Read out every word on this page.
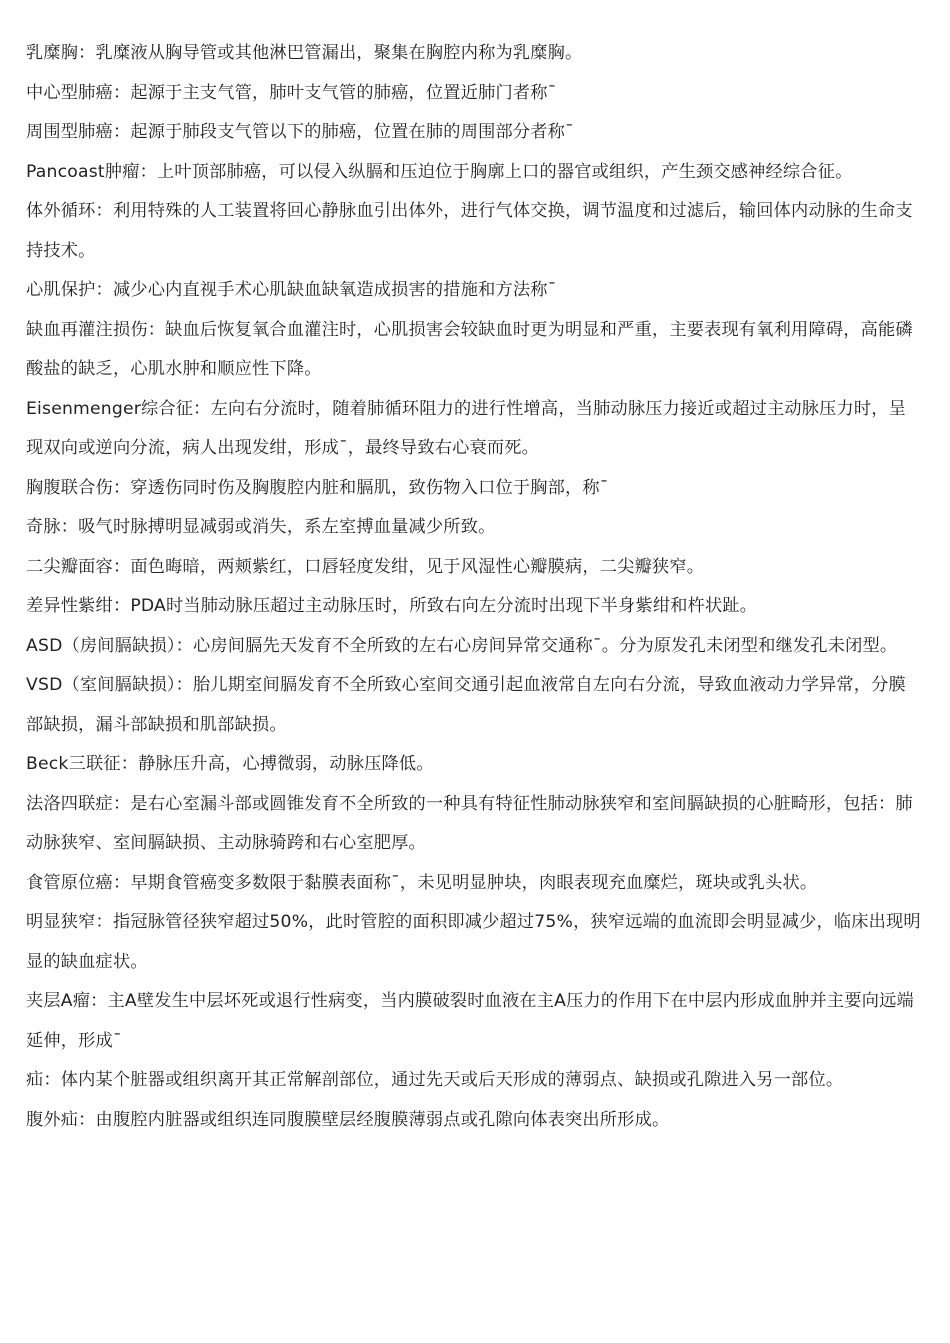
乳糜胸：乳糜液从胸导管或其他淋巴管漏出，聚集在胸腔内称为乳糜胸。

中心型肺癌：起源于主支气管，肺叶支气管的肺癌，位置近肺门者称¯

周围型肺癌：起源于肺段支气管以下的肺癌，位置在肺的周围部分者称¯

Pancoast肿瘤：上叶顶部肺癌，可以侵入纵膈和压迫位于胸廓上口的器官或组织，产生颈交感神经综合征。

体外循环：利用特殊的人工装置将回心静脉血引出体外，进行气体交换，调节温度和过滤后，输回体内动脉的生命支持技术。

心肌保护：减少心内直视手术心肌缺血缺氧造成损害的措施和方法称¯

缺血再灌注损伤：缺血后恢复氧合血灌注时，心肌损害会较缺血时更为明显和严重，主要表现有氧利用障碍，高能磷酸盐的缺乏，心肌水肿和顺应性下降。

Eisenmenger综合征：左向右分流时，随着肺循环阻力的进行性增高，当肺动脉压力接近或超过主动脉压力时，呈现双向或逆向分流，病人出现发绀，形成¯，最终导致右心衰而死。

胸腹联合伤：穿透伤同时伤及胸腹腔内脏和膈肌，致伤物入口位于胸部，称¯

奇脉：吸气时脉搏明显减弱或消失，系左室搏血量减少所致。

二尖瓣面容：面色晦暗，两颊紫红，口唇轻度发绀，见于风湿性心瓣膜病，二尖瓣狭窄。

差异性紫绀：PDA时当肺动脉压超过主动脉压时，所致右向左分流时出现下半身紫绀和杵状趾。

ASD（房间膈缺损）：心房间膈先天发育不全所致的左右心房间异常交通称¯。分为原发孔未闭型和继发孔未闭型。

VSD（室间膈缺损）：胎儿期室间膈发育不全所致心室间交通引起血液常自左向右分流，导致血液动力学异常，分膜部缺损，漏斗部缺损和肌部缺损。

Beck三联征：静脉压升高，心搏微弱，动脉压降低。

法洛四联症：是右心室漏斗部或圆锥发育不全所致的一种具有特征性肺动脉狭窄和室间膈缺损的心脏畸形，包括：肺动脉狭窄、室间膈缺损、主动脉骑跨和右心室肥厚。

食管原位癌：早期食管癌变多数限于黏膜表面称¯，未见明显肿块，肉眼表现充血糜烂，斑块或乳头状。

明显狭窄：指冠脉管径狭窄超过50%，此时管腔的面积即减少超过75%，狭窄远端的血流即会明显减少，临床出现明显的缺血症状。

夹层A瘤：主A壁发生中层坏死或退行性病变，当内膜破裂时血液在主A压力的作用下在中层内形成血肿并主要向远端延伸，形成¯

疝：体内某个脏器或组织离开其正常解剖部位，通过先天或后天形成的薄弱点、缺损或孔隙进入另一部位。

腹外疝：由腹腔内脏器或组织连同腹膜壁层经腹膜薄弱点或孔隙向体表突出所形成。
